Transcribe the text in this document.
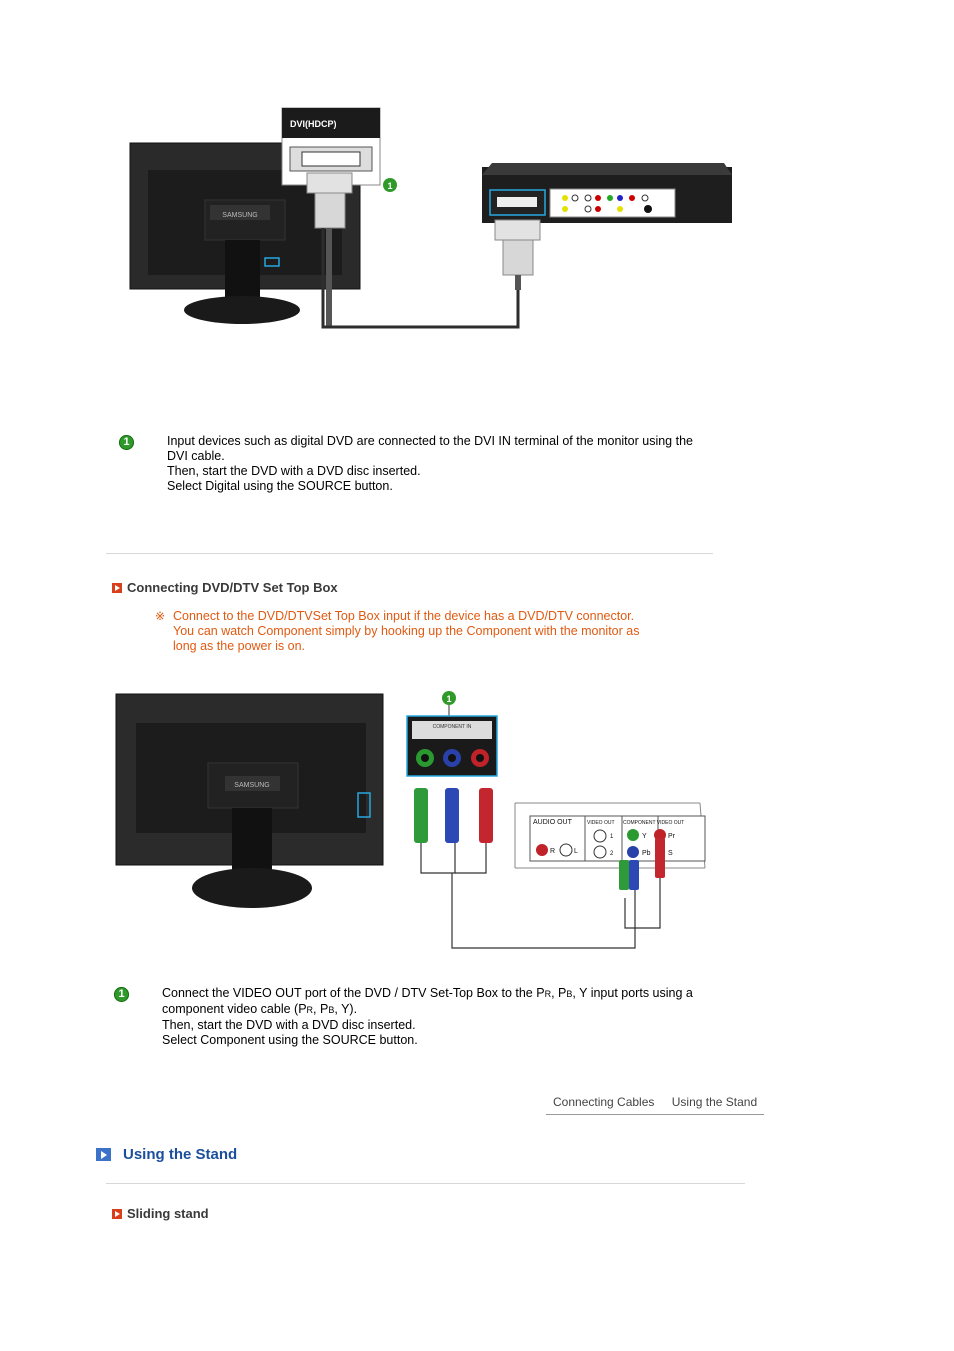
SAMSUNG
DVI(HDCP)
1
1	Input devices such as digital DVD are connected to the DVI IN terminal of the monitor using the
DVI cable.
Then, start the DVD with a DVD disc inserted.
Select Digital using the SOURCE button.
Connecting DVD/DTV Set Top Box
※ Connect to the DVD/DTVSet Top Box input if the device has a DVD/DTV connector.
You can watch Component simply by hooking up the Component with the monitor as
long as the power is on.
SAMSUNG
1
COMPONENT IN
AUDIO OUT	VIDEO OUT COMPONENT VIDEO OUT
R	L
1
2
Y
Pb
Pr
S
1	Connect the VIDEO OUT port of the DVD / DTV Set-Top Box to the PR, PB, Y input ports using a
component video cable (PR, PB, Y).
Then, start the DVD with a DVD disc inserted.
Select Component using the SOURCE button.
Connecting Cables Using the Stand
Using the Stand
Sliding stand
